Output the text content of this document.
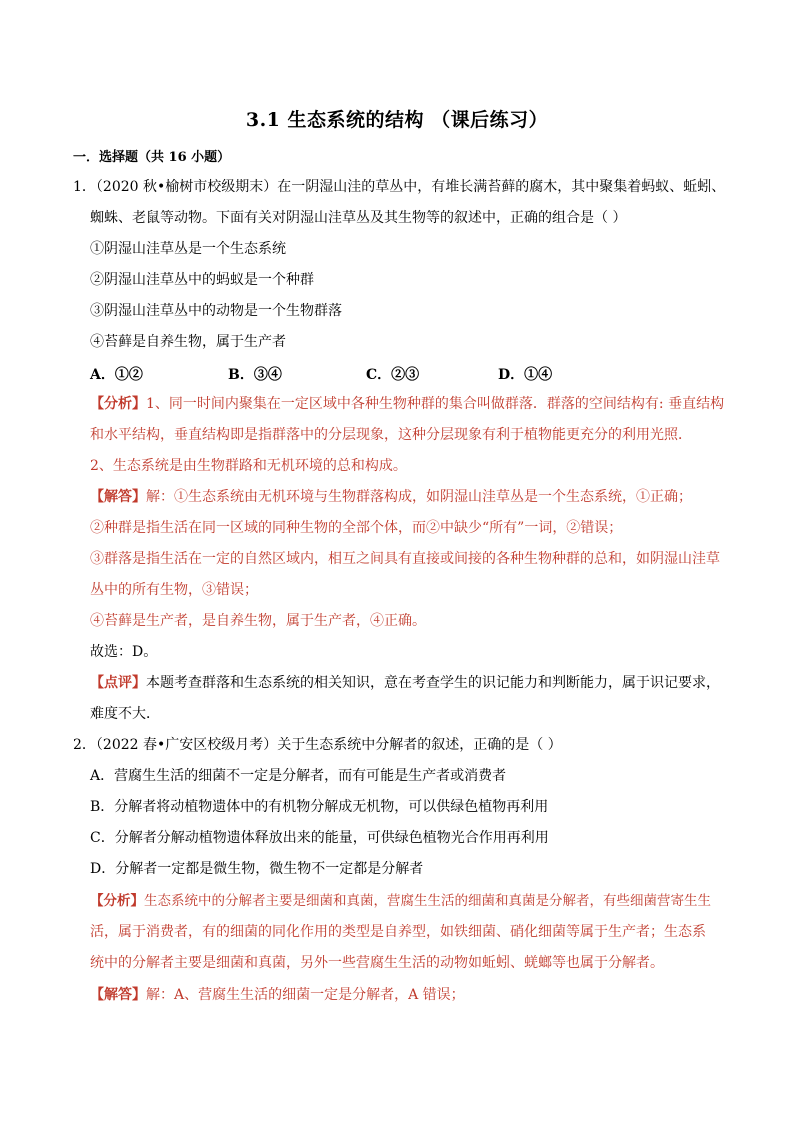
3.1 生态系统的结构 （课后练习）
一．选择题（共 16 小题）
1．（2020 秋•榆树市校级期末）在一阴湿山洼的草丛中，有堆长满苔藓的腐木，其中聚集着蚂蚁、蚯蚓、
蜘蛛、老鼠等动物。下面有关对阴湿山洼草丛及其生物等的叙述中，正确的组合是（ ）
①阴湿山洼草丛是一个生态系统
②阴湿山洼草丛中的蚂蚁是一个种群
③阴湿山洼草丛中的动物是一个生物群落
④苔藓是自养生物，属于生产者
A．①②	B．③④	C．②③	D．①④
【分析】1、同一时间内聚集在一定区域中各种生物种群的集合叫做群落．群落的空间结构有: 垂直结构
和水平结构，垂直结构即是指群落中的分层现象，这种分层现象有利于植物能更充分的利用光照．
2、生态系统是由生物群路和无机环境的总和构成。
【解答】解：①生态系统由无机环境与生物群落构成，如阴湿山洼草丛是一个生态系统，①正确；
②种群是指生活在同一区域的同种生物的全部个体，而②中缺少“所有”一词，②错误；
③群落是指生活在一定的自然区域内，相互之间具有直接或间接的各种生物种群的总和，如阴湿山洼草
丛中的所有生物，③错误；
④苔藓是生产者，是自养生物，属于生产者，④正确。
故选：D。
【点评】本题考查群落和生态系统的相关知识，意在考查学生的识记能力和判断能力，属于识记要求，
难度不大．
2．（2022 春•广安区校级月考）关于生态系统中分解者的叙述，正确的是（ ）
A．营腐生生活的细菌不一定是分解者，而有可能是生产者或消费者
B．分解者将动植物遗体中的有机物分解成无机物，可以供绿色植物再利用
C．分解者分解动植物遗体释放出来的能量，可供绿色植物光合作用再利用
D．分解者一定都是微生物，微生物不一定都是分解者
【分析】生态系统中的分解者主要是细菌和真菌，营腐生生活的细菌和真菌是分解者，有些细菌营寄生生
活，属于消费者，有的细菌的同化作用的类型是自养型，如铁细菌、硝化细菌等属于生产者；生态系
统中的分解者主要是细菌和真菌，另外一些营腐生生活的动物如蚯蚓、蜣螂等也属于分解者。
【解答】解：A、营腐生生活的细菌一定是分解者，A 错误；
